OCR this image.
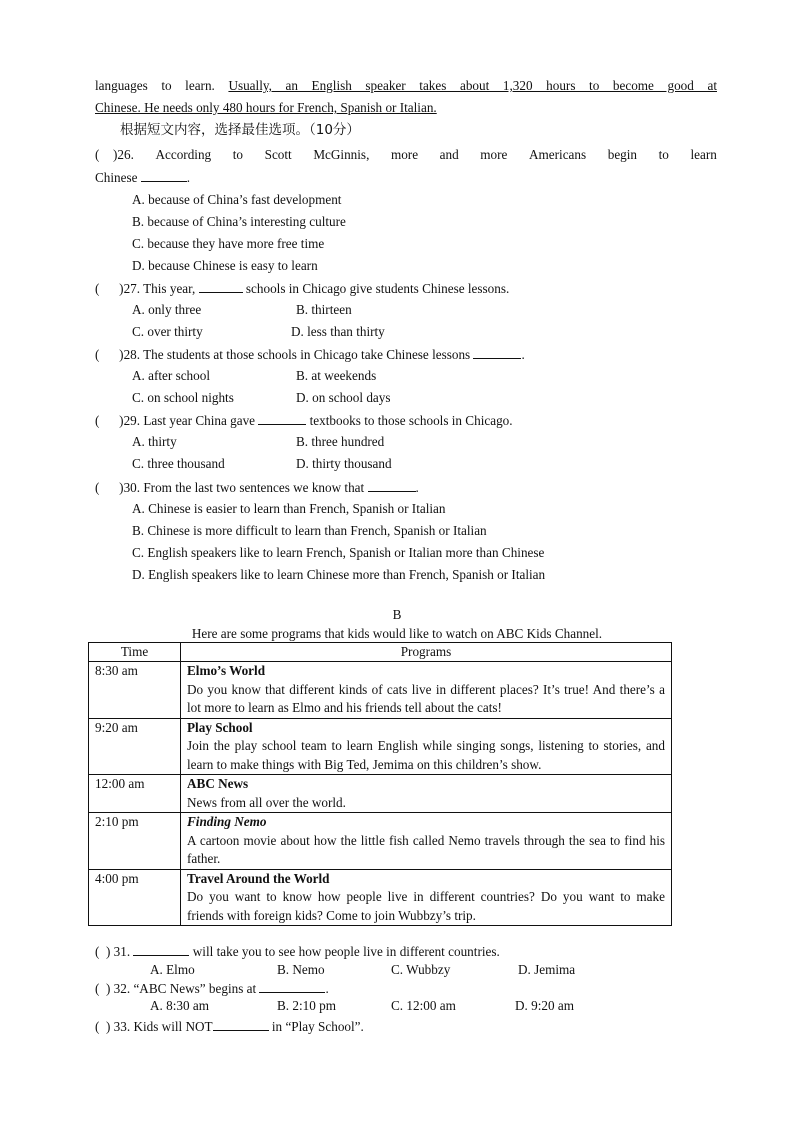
languages to learn. Usually, an English speaker takes about 1,320 hours to become good at
Chinese. He needs only 480 hours for French, Spanish or Italian.
根据短文内容，选择最佳选项。（10分）
( )26. According to Scott McGinnis, more and more Americans begin to learn
Chinese	.
A. because of China’s fast development
B. because of China’s interesting culture
C. because they have more free time
D. because Chinese is easy to learn
(      )27. This year,	schools in Chicago give students Chinese lessons.
A. only three	B. thirteen
C. over thirty	D. less than thirty
(      )28. The students at those schools in Chicago take Chinese lessons	.
A. after school	B. at weekends
C. on school nights	D. on school days
(      )29. Last year China gave	textbooks to those schools in Chicago.
A. thirty	B. three hundred
C. three thousand	D. thirty thousand
(      )30. From the last two sentences we know that	.
A. Chinese is easier to learn than French, Spanish or Italian
B. Chinese is more difficult to learn than French, Spanish or Italian
C. English speakers like to learn French, Spanish or Italian more than Chinese
D. English speakers like to learn Chinese more than French, Spanish or Italian
B
Here are some programs that kids would like to watch on ABC Kids Channel.
Time	Programs
8:30 am	Elmo’s World
Do you know that different kinds of cats live in different places? It’s true! And there’s a lot more to learn as Elmo and his friends tell about the cats!

9:20 am	Play School
Join the play school team to learn English while singing songs, listening to stories, and learn to make things with Big Ted, Jemima on this children’s show.

12:00 am	ABC News
News from all over the world.

2:10 pm	Finding Nemo
A cartoon movie about how the little fish called Nemo travels through the sea to find his father.

4:00 pm	Travel Around the World
Do you want to know how people live in different countries? Do you want to make friends with foreign kids? Come to join Wubbzy’s trip.
(  ) 31.	will take you to see how people live in different countries.
A. Elmo	B. Nemo	C. Wubbzy	D. Jemima
(  ) 32. “ABC News” begins at	.
A. 8:30 am	B. 2:10 pm	C. 12:00 am	D. 9:20 am
(  ) 33. Kids will NOT	in “Play School”.
